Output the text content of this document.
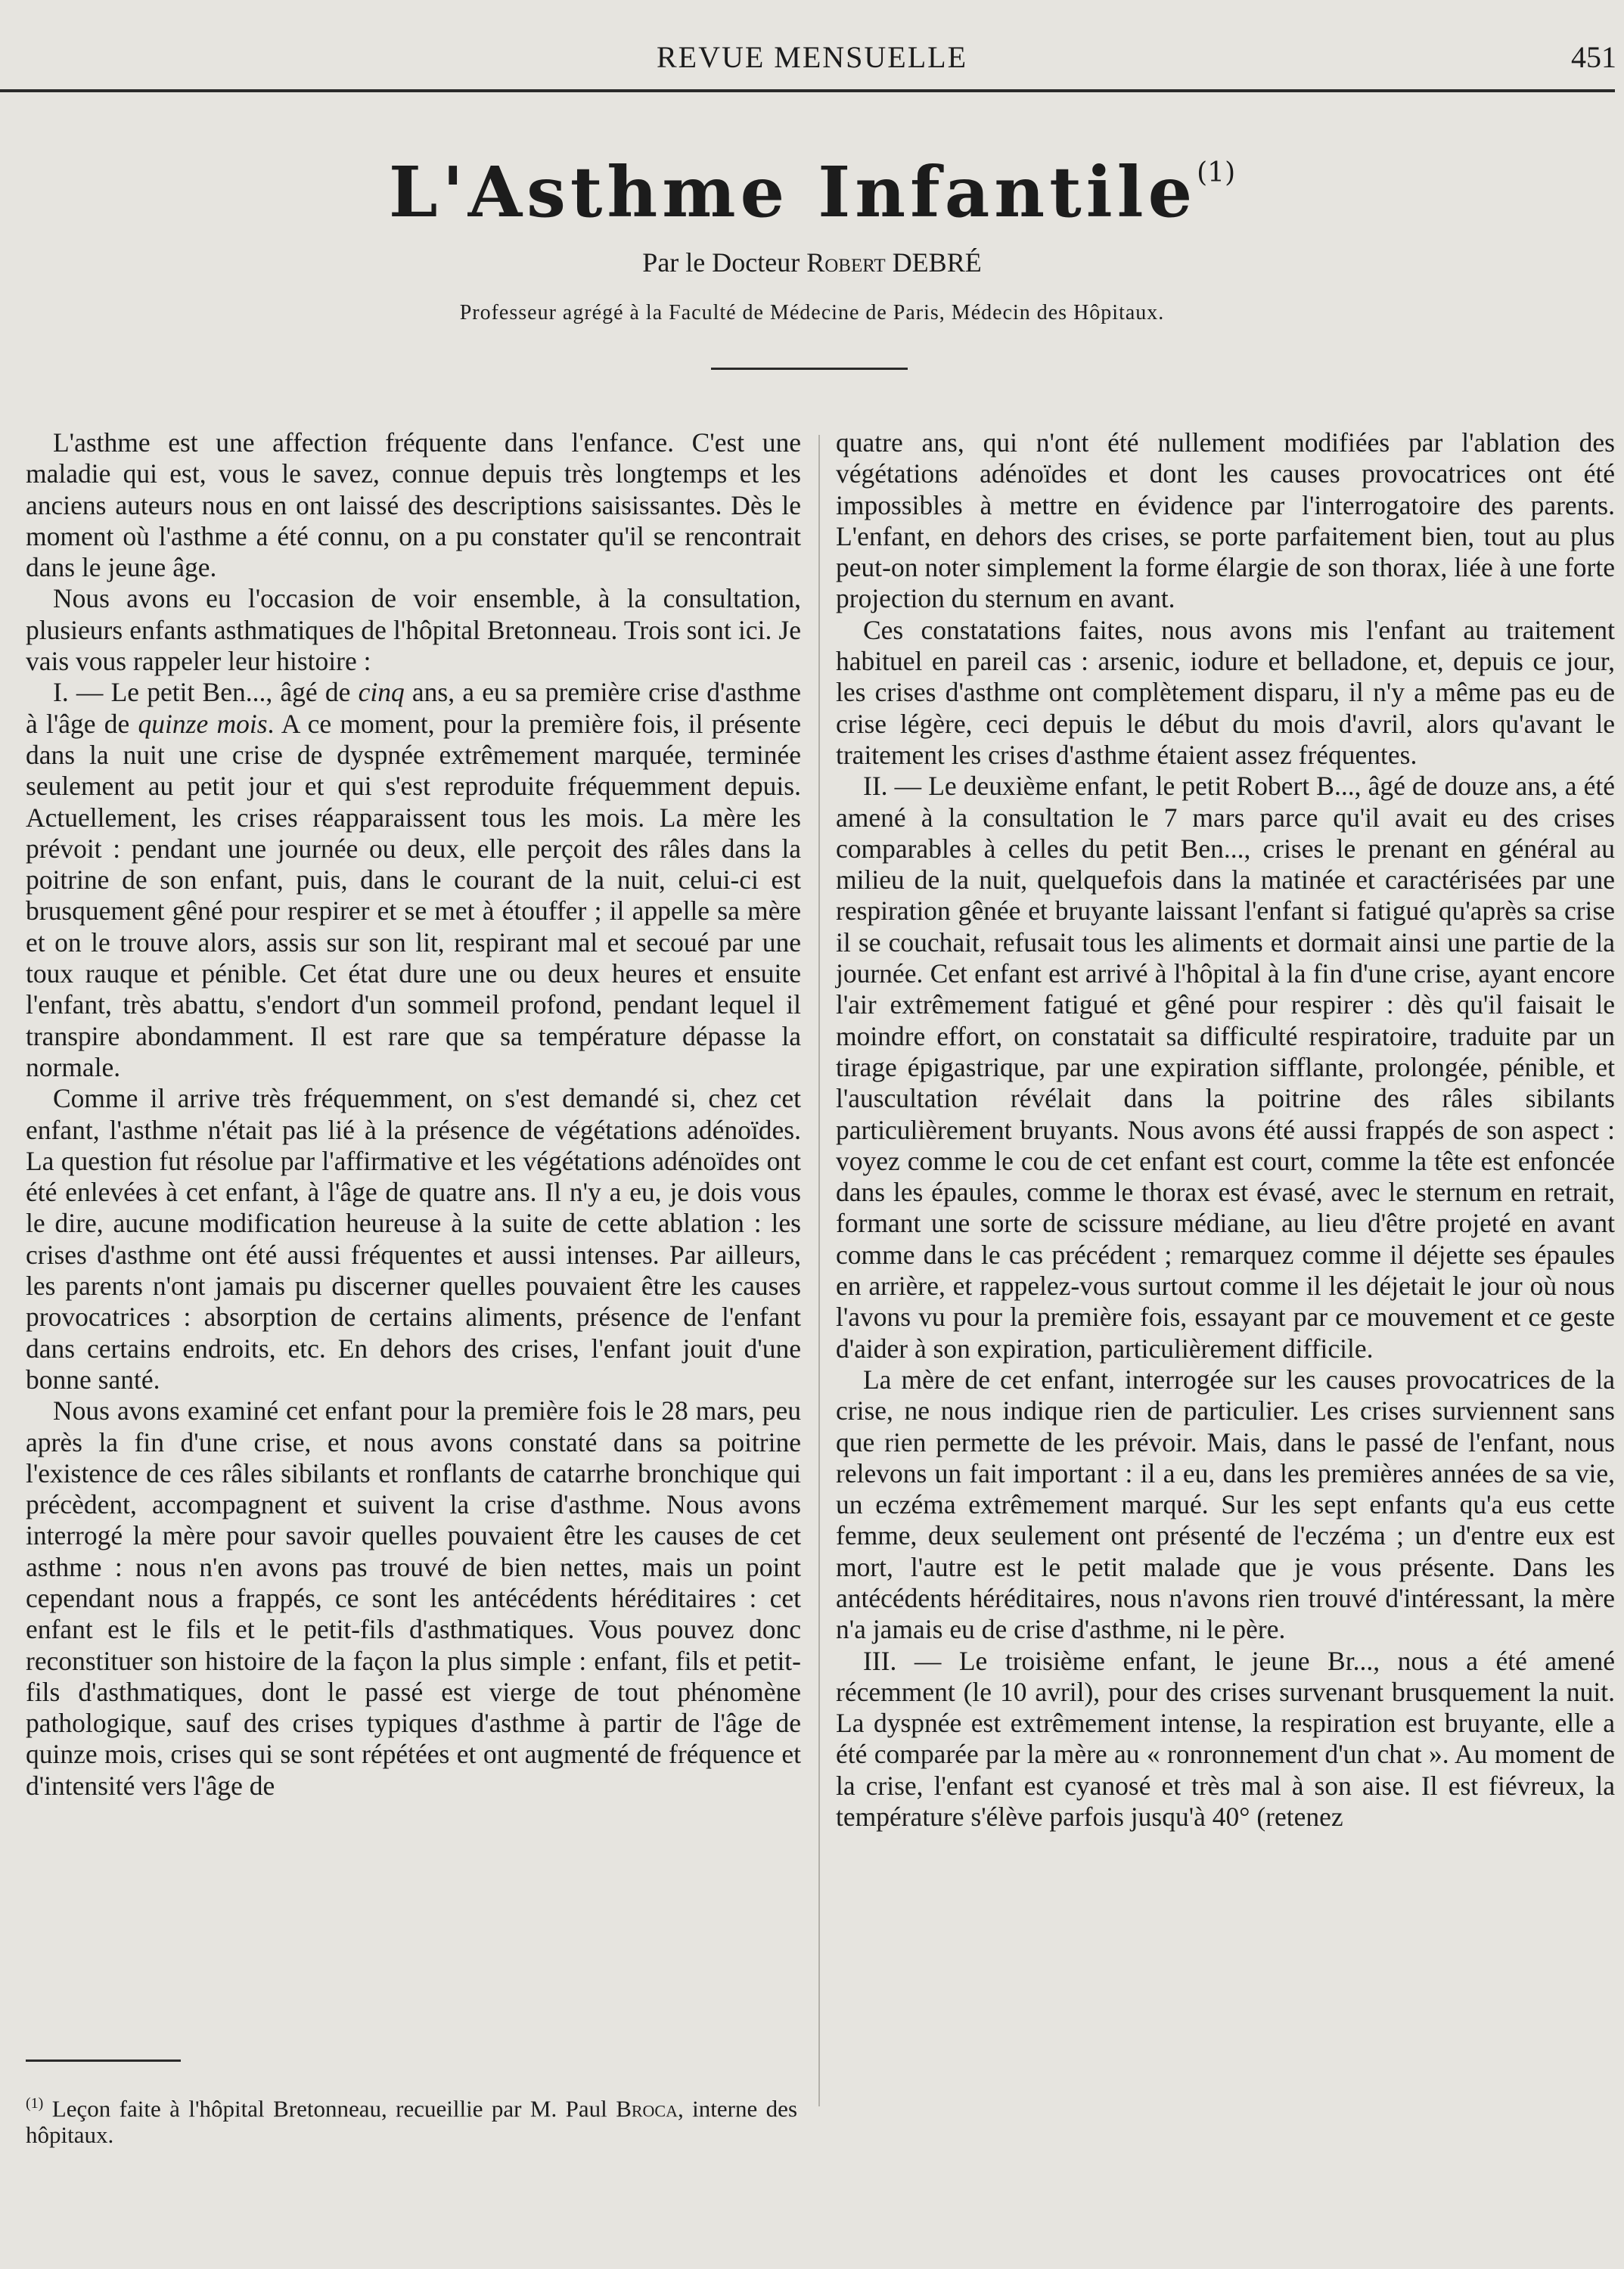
REVUE MENSUELLE	451
L'Asthme Infantile$^{(1)}$
Par le Docteur Robert DEBRÉ
Professeur agrégé à la Faculté de Médecine de Paris, Médecin des Hôpitaux.

L'asthme est une affection fréquente dans l'enfance. C'est une maladie qui est, vous le savez, connue depuis très longtemps et les anciens auteurs nous en ont laissé des descriptions saisissantes. Dès le moment où l'asthme a été connu, on a pu constater qu'il se rencontrait dans le jeune âge.

Nous avons eu l'occasion de voir ensemble, à la consultation, plusieurs enfants asthmatiques de l'hôpital Bretonneau. Trois sont ici. Je vais vous rappeler leur histoire :

I. — Le petit Ben..., âgé de cinq ans, a eu sa première crise d'asthme à l'âge de quinze mois. A ce moment, pour la première fois, il présente dans la nuit une crise de dyspnée extrêmement marquée, terminée seulement au petit jour et qui s'est reproduite fréquemment depuis. Actuellement, les crises réapparaissent tous les mois. La mère les prévoit : pendant une journée ou deux, elle perçoit des râles dans la poitrine de son enfant, puis, dans le courant de la nuit, celui-ci est brusquement gêné pour respirer et se met à étouffer ; il appelle sa mère et on le trouve alors, assis sur son lit, respirant mal et secoué par une toux rauque et pénible. Cet état dure une ou deux heures et ensuite l'enfant, très abattu, s'endort d'un sommeil profond, pendant lequel il transpire abondamment. Il est rare que sa température dépasse la normale.

Comme il arrive très fréquemment, on s'est demandé si, chez cet enfant, l'asthme n'était pas lié à la présence de végétations adénoïdes. La question fut résolue par l'affirmative et les végétations adénoïdes ont été enlevées à cet enfant, à l'âge de quatre ans. Il n'y a eu, je dois vous le dire, aucune modification heureuse à la suite de cette ablation : les crises d'asthme ont été aussi fréquentes et aussi intenses. Par ailleurs, les parents n'ont jamais pu discerner quelles pouvaient être les causes provocatrices : absorption de certains aliments, présence de l'enfant dans certains endroits, etc. En dehors des crises, l'enfant jouit d'une bonne santé.

Nous avons examiné cet enfant pour la première fois le 28 mars, peu après la fin d'une crise, et nous avons constaté dans sa poitrine l'existence de ces râles sibilants et ronflants de catarrhe bronchique qui précèdent, accompagnent et suivent la crise d'asthme. Nous avons interrogé la mère pour savoir quelles pouvaient être les causes de cet asthme : nous n'en avons pas trouvé de bien nettes, mais un point cependant nous a frappés, ce sont les antécédents héréditaires : cet enfant est le fils et le petit-fils d'asthmatiques. Vous pouvez donc reconstituer son histoire de la façon la plus simple : enfant, fils et petit-fils d'asthmatiques, dont le passé est vierge de tout phénomène pathologique, sauf des crises typiques d'asthme à partir de l'âge de quinze mois, crises qui se sont répétées et ont augmenté de fréquence et d'intensité vers l'âge de

quatre ans, qui n'ont été nullement modifiées par l'ablation des végétations adénoïdes et dont les causes provocatrices ont été impossibles à mettre en évidence par l'interrogatoire des parents. L'enfant, en dehors des crises, se porte parfaitement bien, tout au plus peut-on noter simplement la forme élargie de son thorax, liée à une forte projection du sternum en avant.

Ces constatations faites, nous avons mis l'enfant au traitement habituel en pareil cas : arsenic, iodure et belladone, et, depuis ce jour, les crises d'asthme ont complètement disparu, il n'y a même pas eu de crise légère, ceci depuis le début du mois d'avril, alors qu'avant le traitement les crises d'asthme étaient assez fréquentes.

II. — Le deuxième enfant, le petit Robert B..., âgé de douze ans, a été amené à la consultation le 7 mars parce qu'il avait eu des crises comparables à celles du petit Ben..., crises le prenant en général au milieu de la nuit, quelquefois dans la matinée et caractérisées par une respiration gênée et bruyante laissant l'enfant si fatigué qu'après sa crise il se couchait, refusait tous les aliments et dormait ainsi une partie de la journée. Cet enfant est arrivé à l'hôpital à la fin d'une crise, ayant encore l'air extrêmement fatigué et gêné pour respirer : dès qu'il faisait le moindre effort, on constatait sa difficulté respiratoire, traduite par un tirage épigastrique, par une expiration sifflante, prolongée, pénible, et l'auscultation révélait dans la poitrine des râles sibilants particulièrement bruyants. Nous avons été aussi frappés de son aspect : voyez comme le cou de cet enfant est court, comme la tête est enfoncée dans les épaules, comme le thorax est évasé, avec le sternum en retrait, formant une sorte de scissure médiane, au lieu d'être projeté en avant comme dans le cas précédent ; remarquez comme il déjette ses épaules en arrière, et rappelez-vous surtout comme il les déjetait le jour où nous l'avons vu pour la première fois, essayant par ce mouvement et ce geste d'aider à son expiration, particulièrement difficile.

La mère de cet enfant, interrogée sur les causes provocatrices de la crise, ne nous indique rien de particulier. Les crises surviennent sans que rien permette de les prévoir. Mais, dans le passé de l'enfant, nous relevons un fait important : il a eu, dans les premières années de sa vie, un eczéma extrêmement marqué. Sur les sept enfants qu'a eus cette femme, deux seulement ont présenté de l'eczéma ; un d'entre eux est mort, l'autre est le petit malade que je vous présente. Dans les antécédents héréditaires, nous n'avons rien trouvé d'intéressant, la mère n'a jamais eu de crise d'asthme, ni le père.

III. — Le troisième enfant, le jeune Br..., nous a été amené récemment (le 10 avril), pour des crises survenant brusquement la nuit. La dyspnée est extrêmement intense, la respiration est bruyante, elle a été comparée par la mère au « ronronnement d'un chat ». Au moment de la crise, l'enfant est cyanosé et très mal à son aise. Il est fiévreux, la température s'élève parfois jusqu'à 40° (retenez

$^{(1)}$ Leçon faite à l'hôpital Bretonneau, recueillie par M. Paul Broca, interne des hôpitaux.
